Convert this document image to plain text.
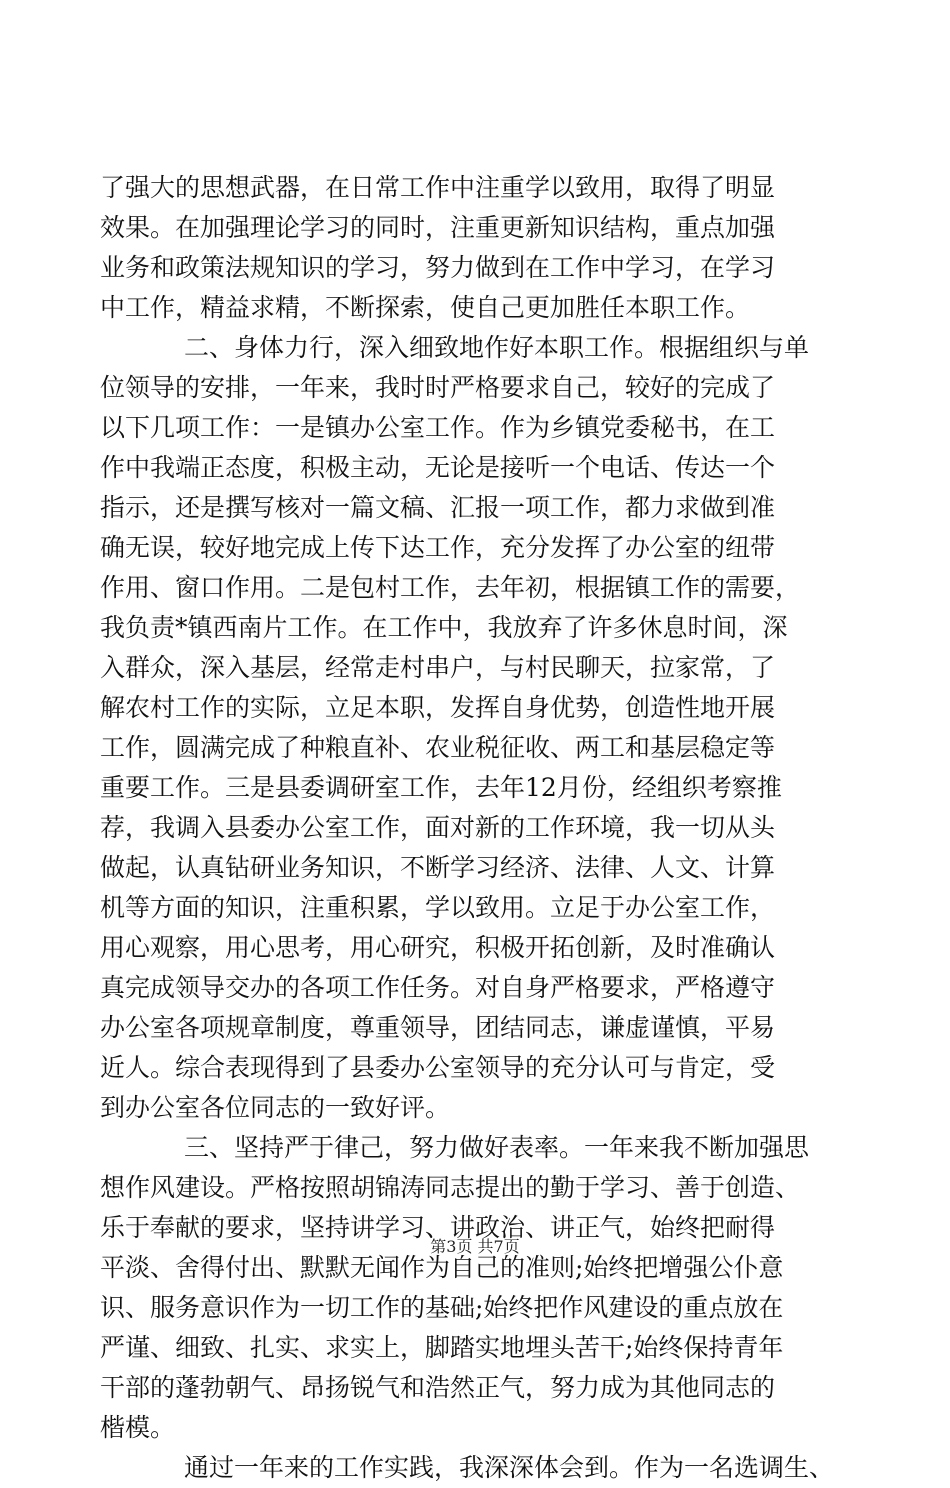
了强大的思想武器，在日常工作中注重学以致用，取得了明显
效果。在加强理论学习的同时，注重更新知识结构，重点加强
业务和政策法规知识的学习，努力做到在工作中学习，在学习
中工作，精益求精，不断探索，使自己更加胜任本职工作。
二、身体力行，深入细致地作好本职工作。根据组织与单
位领导的安排，一年来，我时时严格要求自己，较好的完成了
以下几项工作：一是镇办公室工作。作为乡镇党委秘书，在工
作中我端正态度，积极主动，无论是接听一个电话、传达一个
指示，还是撰写核对一篇文稿、汇报一项工作，都力求做到准
确无误，较好地完成上传下达工作，充分发挥了办公室的纽带
作用、窗口作用。二是包村工作，去年初，根据镇工作的需要，
我负责*镇西南片工作。在工作中，我放弃了许多休息时间，深
入群众，深入基层，经常走村串户，与村民聊天，拉家常，了
解农村工作的实际，立足本职，发挥自身优势，创造性地开展
工作，圆满完成了种粮直补、农业税征收、两工和基层稳定等
重要工作。三是县委调研室工作，去年12月份，经组织考察推
荐，我调入县委办公室工作，面对新的工作环境，我一切从头
做起，认真钻研业务知识，不断学习经济、法律、人文、计算
机等方面的知识，注重积累，学以致用。立足于办公室工作，
用心观察，用心思考，用心研究，积极开拓创新，及时准确认
真完成领导交办的各项工作任务。对自身严格要求，严格遵守
办公室各项规章制度，尊重领导，团结同志，谦虚谨慎，平易
近人。综合表现得到了县委办公室领导的充分认可与肯定，受
到办公室各位同志的一致好评。
三、坚持严于律己，努力做好表率。一年来我不断加强思
想作风建设。严格按照胡锦涛同志提出的勤于学习、善于创造、
乐于奉献的要求，坚持讲学习、讲政治、讲正气，始终把耐得
平淡、舍得付出、默默无闻作为自己的准则;始终把增强公仆意
识、服务意识作为一切工作的基础;始终把作风建设的重点放在
严谨、细致、扎实、求实上，脚踏实地埋头苦干;始终保持青年
干部的蓬勃朝气、昂扬锐气和浩然正气，努力成为其他同志的
楷模。
通过一年来的工作实践，我深深体会到。作为一名选调生、
第3页 共7页
